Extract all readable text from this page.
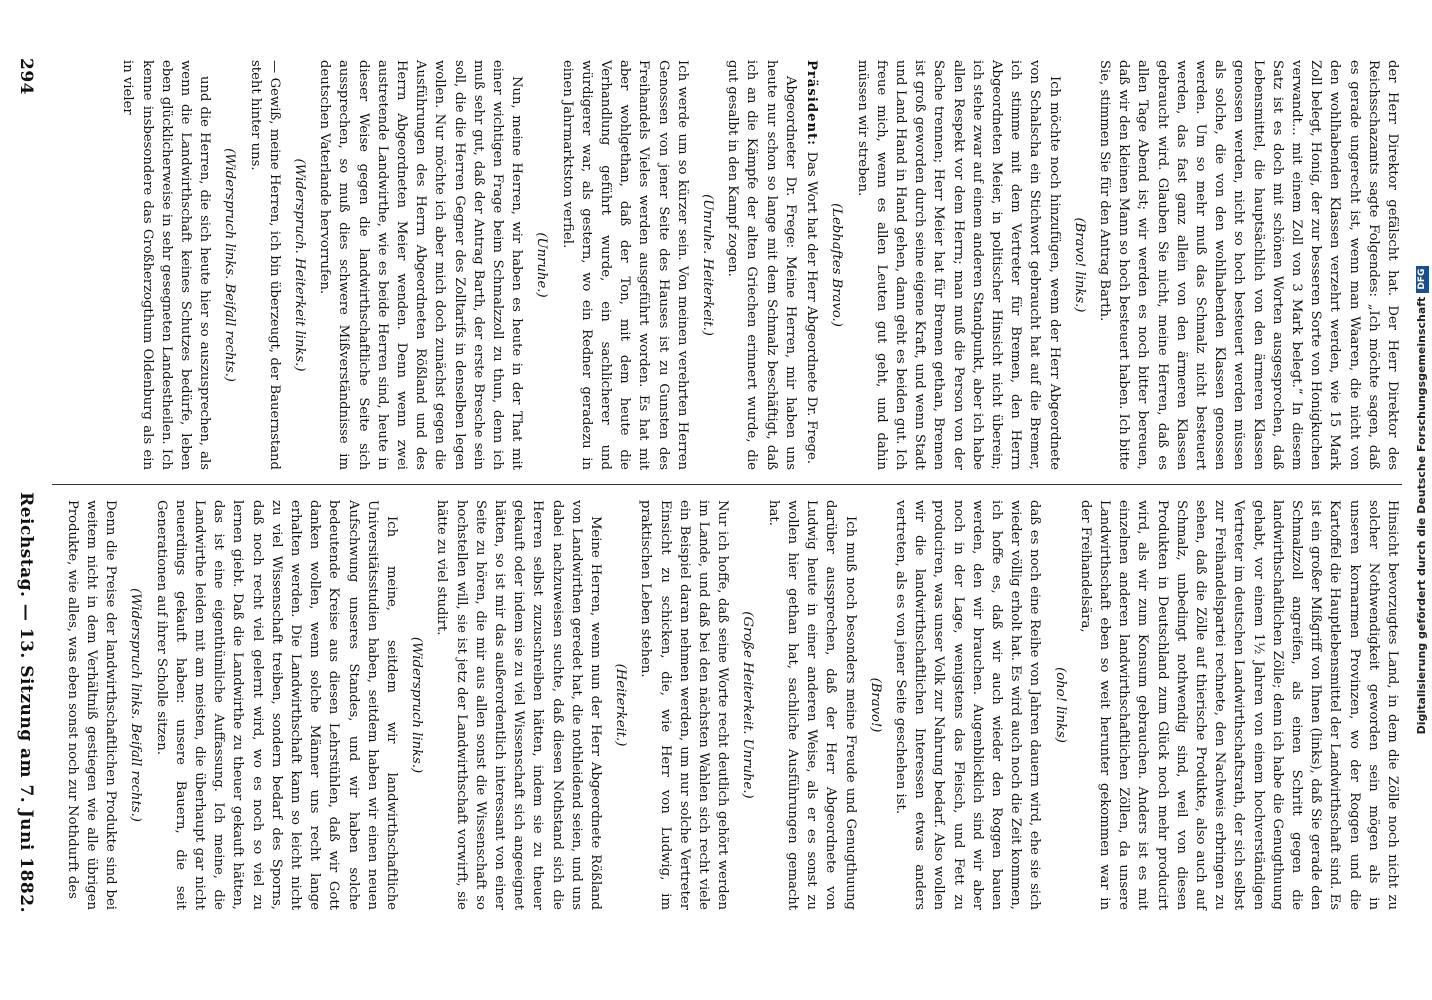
der Herr Direktor gefälscht hat. Der Herr Direktor des Reichsschazamts sagte Folgendes: „Ich möchte sagen, daß es gerade ungerecht ist, wenn man Waaren, die nicht von den wohlhabenden Klassen verzehrt werden, wie 15 Mark Zoll belegt, Honig, der zur besseren Sorte von Honigkuchen verwandt... mit einem Zoll von 3 Mark belegt.“ In diesem Satz ist es doch mit schönen Worten ausgesprochen, daß Lebensmittel, die hauptsächlich von den ärmeren Klassen genossen werden, nicht so hoch besteuert werden müssen als solche, die von den wohlhabenden Klassen genossen werden. Um so mehr muß das Schmalz nicht besteuert werden, das fast ganz allein von den ärmeren Klassen gebraucht wird. Glauben Sie nicht, meine Herren, daß es allen Tage Abend ist; wir werden es noch bitter bereuen, daß wir den kleinen Mann so hoch besteuert haben. Ich bitte Sie, stimmen Sie für den Antrag Barth.

(Bravo! links.)

Ich möchte noch hinzufügen, wenn der Herr Abgeordnete von Schalscha ein Stichwort gebraucht hat auf die Bremer, ich stimme mit dem Vertreter für Bremen, den Herrn Abgeordneten Meier, in politischer Hinsicht nicht überein; ich stehe zwar auf einem anderen Standpunkt, aber ich habe allen Respekt vor dem Herrn; man muß die Person von der Sache trennen; Herr Meier hat für Bremen gethan, Bremen ist groß geworden durch seine eigene Kraft, und wenn Stadt und Land Hand in Hand gehen, dann geht es beiden gut. Ich freue mich, wenn es allen Leuten gut geht, und dahin müssen wir streben.

(Lebhaftes Bravo.)

Präsident: Das Wort hat der Herr Abgeordnete Dr. Frege.

Abgeordneter Dr. Frege: Meine Herren, mir haben uns heute nur schon so lange mit dem Schmalz beschäftigt, daß ich an die Kämpfe der alten Griechen erinnert wurde, die gut gesalbt in den Kampf zogen.

(Unruhe. Heiterkeit.)

Ich werde um so kürzer sein. Von meinen verehrten Herren Genossen von jener Seite des Hauses ist zu Gunsten des Freihandels Vieles werden ausgeführt worden. Es hat mit aber wohlgethan, daß der Ton, mit dem heute die Verhandlung geführt wurde, ein sachlicherer und würdigerer war, als gestern, wo ein Redner geradezu in einen Jahrmarktston verfiel.

(Unruhe.)

Nun, meine Herren, wir haben es heute in der That mit einer wichtigen Frage beim Schmalzzoll zu thun, denn ich muß sehr gut, daß der Antrag Barth, der erste Bresche sein soll, die die Herren Gegner des Zolltarifs in denselben legen wollen. Nur möchte ich aber mich doch zunächst gegen die Ausführungen des Herrn Abgeordneten Rößland und des Herrn Abgeordneten Meier wenden. Denn wenn zwei austretende Landwirthe, wie es beide Herren sind, heute in dieser Weise gegen die landwirthschaftliche Seite sich aussprechen, so muß dies schwere Mißverständnisse im deutschen Vaterlande hervorrufen.

(Widerspruch. Heiterkeit links.)

— Gewiß, meine Herren, ich bin überzeugt, der Bauernstand steht hinter uns.

(Widerspruch links. Beifall rechts.)

und die Herren, die sich heute hier so auszusprechen, als wenn die Landwirthschaft keines Schutzes bedürfe, leben eben glücklicherweise in sehr gesegneten Landestheilen. Ich kenne insbesondere das Großherzogthum Oldenburg als ein in vieler

Hinsicht bevorzugtes Land, in dem die Zölle noch nicht zu solcher Nothwendigkeit geworden sein mögen als in unseren kornarmen Provinzen, wo der Roggen und die Kartoffel die Hauptlebensmittel der Landwirthschaft sind. Es ist ein großer Mißgriff von Ihnen (links), daß Sie gerade den Schmalzzoll angreifen, als einen Schritt gegen die landwirthschaftlichen Zölle; denn ich habe die Genugthuung gehabt, vor einem 1½ Jahren von einem hochverständigen Vertreter im deutschen Landwirthschaftsrath, der sich selbst zur Freihandelspartei rechnete, den Nachweis erbringen zu sehen, daß die Zölle auf thierische Produkte, also auch auf Schmalz, unbedingt nothwendig sind, weil von diesen Produkten in Deutschland zum Glück noch mehr producirt wird, als wir zum Konsum gebrauchen. Anders ist es mit einzelnen anderen landwirthschaftlichen Zöllen, da unsere Landwirthschaft eben so weit herunter gekommen war in der Freihandelsära,

(oho! links)

daß es noch eine Reihe von Jahren dauern wird, ehe sie sich wieder völlig erholt hat. Es wird auch noch die Zeit kommen, ich hoffe es, daß wir auch wieder den Roggen bauen werden, den wir brauchen. Augenblicklich sind wir aber noch in der Lage, wenigstens das Fleisch, und Fett zu produciren, was unser Volk zur Nahrung bedarf. Also wollen wir die landwirthschaftlichen Interessen etwas anders vertreten, als es von jener Seite geschehen ist.

(Bravo!)

Ich muß noch besonders meine Freude und Genugthuung darüber aussprechen, daß der Herr Abgeordnete von Ludwig heute in einer anderen Weise, als er es sonst zu wollen hier gethan hat, sachliche Ausführungen gemacht hat.

(Große Heiterkeit. Unruhe.)

Nur ich hoffe, daß seine Worte recht deutlich gehört werden im Lande, und daß bei den nächsten Wahlen sich recht viele ein Beispiel daran nehmen werden, um nur solche Vertreter Einsicht zu schicken, die, wie Herr von Ludwig, im praktischen Leben stehen.

(Heiterkeit.)

Meine Herren, wenn nun der Herr Abgeordnete Rößland von Landwirthen geredet hat, die nothleidend seien, und uns dabei nachzuweisen suchte, daß diesen Nothstand sich die Herren selbst zuzuschreiben hätten, indem sie zu theuer gekauft oder indem sie zu viel Wissenschaft sich angeeignet hätten, so ist mir das außerordentlich interessant von einer Seite zu hören, die mir aus allen sonst die Wissenschaft so hochstellen will, sie ist jetz der Landwirthschaft vorwirft, sie hätte zu viel studirt.

(Widerspruch links.)

Ich meine, seitdem wir landwirthschaftliche Universitätsstudien haben, seitdem haben wir einen neuen Aufschwung unseres Standes, und wir haben solche bedeutende Kreise aus diesen Lehrstühlen, daß wir Gott danken wollen, wenn solche Männer uns recht lange erhalten werden. Die Landwirthschaft kann so leicht nicht zu viel Wissenschaft treiben, sondern bedarf des Sporns, daß noch recht viel gelernt wird, wo es noch so viel zu lernen giebt. Daß die Landwirthe zu theuer gekauft hätten, das ist eine eigenthümliche Auffassung. Ich meine, die Landwirthe leiden mit am meisten, die überhaupt gar nicht neuerdings gekauft haben: unsere Bauern, die seit Generationen auf ihrer Scholle sitzen.

(Widerspruch links. Beifall rechts.)

Denn die Preise der landwirthschaftlichen Produkte sind bei weitem nicht in dem Verhältniß gestiegen wie alle übrigen Produkte, wie alles, was eben sonst noch zur Nothdurft des

294
Reichstag. — 13. Sitzung am 7. Juni 1882.	Digitalisierung gefördert durch die Deutsche Forschungsgemeinschaft
DFG
